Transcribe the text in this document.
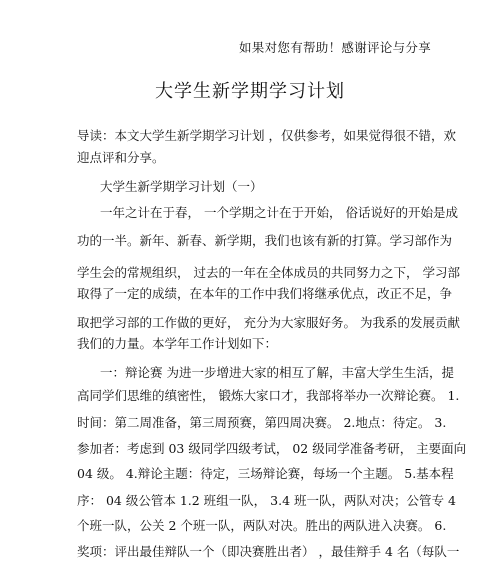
如果对您有帮助！感谢评论与分享

大学生新学期学习计划

导读：本文大学生新学期学习计划 ，仅供参考，如果觉得很不错，欢

迎点评和分享。

大学生新学期学习计划（一）

一年之计在于春， 一个学期之计在于开始， 俗话说好的开始是成

功的一半。新年、新春、新学期，我们也该有新的打算。学习部作为

学生会的常规组织， 过去的一年在全体成员的共同努力之下， 学习部

取得了一定的成绩，在本年的工作中我们将继承优点，改正不足，争

取把学习部的工作做的更好， 充分为大家服好务。 为我系的发展贡献

我们的力量。本学年工作计划如下：

一：辩论赛 为进一步增进大家的相互了解，丰富大学生生活，提

高同学们思维的缜密性， 锻炼大家口才，我部将举办一次辩论赛。 1.

时间：第二周准备，第三周预赛，第四周决赛。 2.地点：待定。 3.

参加者：考虑到 03 级同学四级考试， 02 级同学准备考研， 主要面向

04 级。 4.辩论主题：待定，三场辩论赛，每场一个主题。 5.基本程

序： 04 级公管本 1.2 班组一队， 3.4 班一队，两队对决；公管专 4

个班一队，公关 2 个班一队，两队对决。胜出的两队进入决赛。 6.

奖项：评出最佳辩队一个（即决赛胜出者） ，最佳辩手 4 名（每队一
